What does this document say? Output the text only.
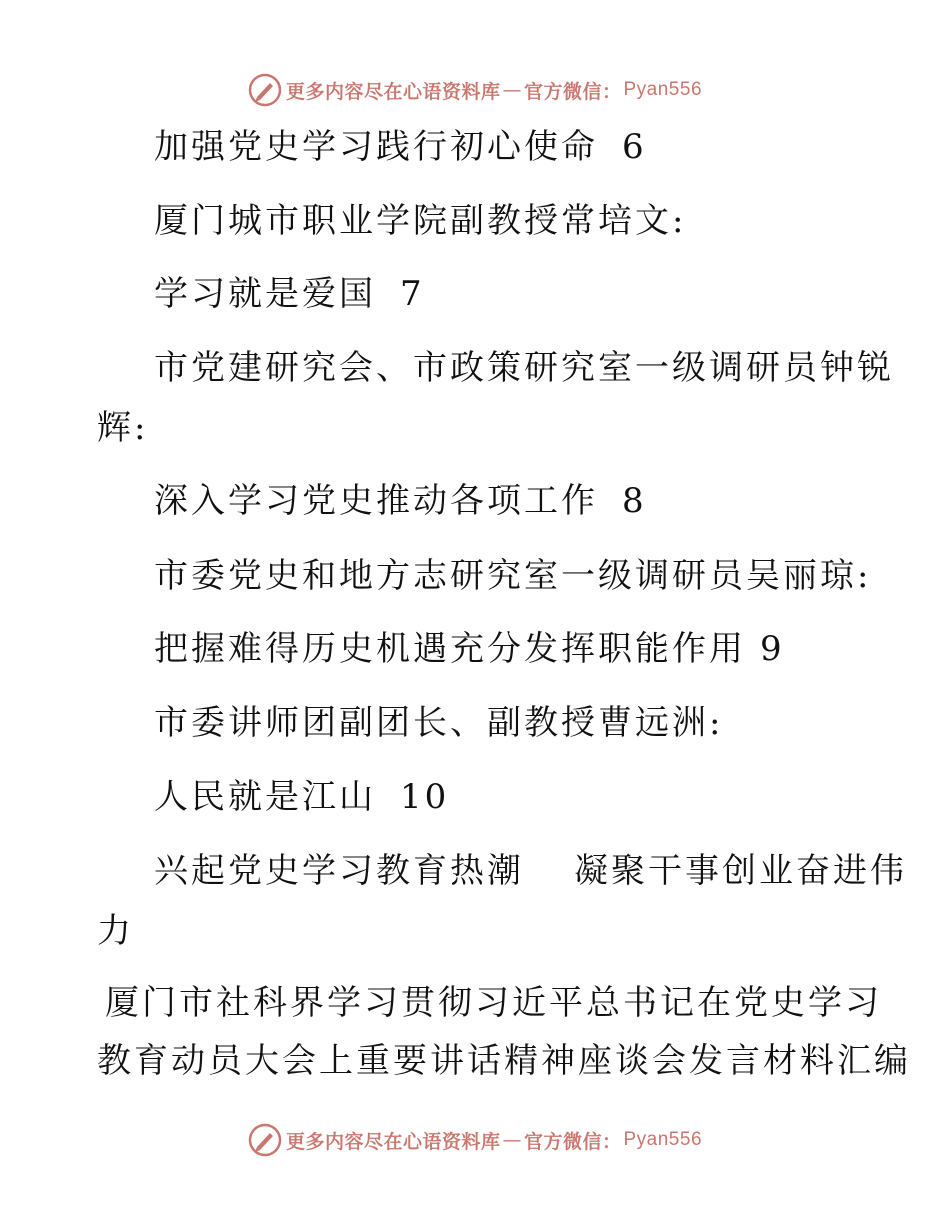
更多内容尽在心语资料库 — 官方微信： Pyan556
加强党史学习践行初心使命 6
厦门城市职业学院副教授常培文:
学习就是爱国 7
市党建研究会、市政策研究室一级调研员钟锐
辉:
深入学习党史推动各项工作 8
市委党史和地方志研究室一级调研员吴丽琼:
把握难得历史机遇充分发挥职能作用 9
市委讲师团副团长、副教授曹远洲:
人民就是江山 10
兴起党史学习教育热潮 凝聚干事创业奋进伟
力
厦门市社科界学习贯彻习近平总书记在党史学习
教育动员大会上重要讲话精神座谈会发言材料汇编
更多内容尽在心语资料库 — 官方微信： Pyan556
